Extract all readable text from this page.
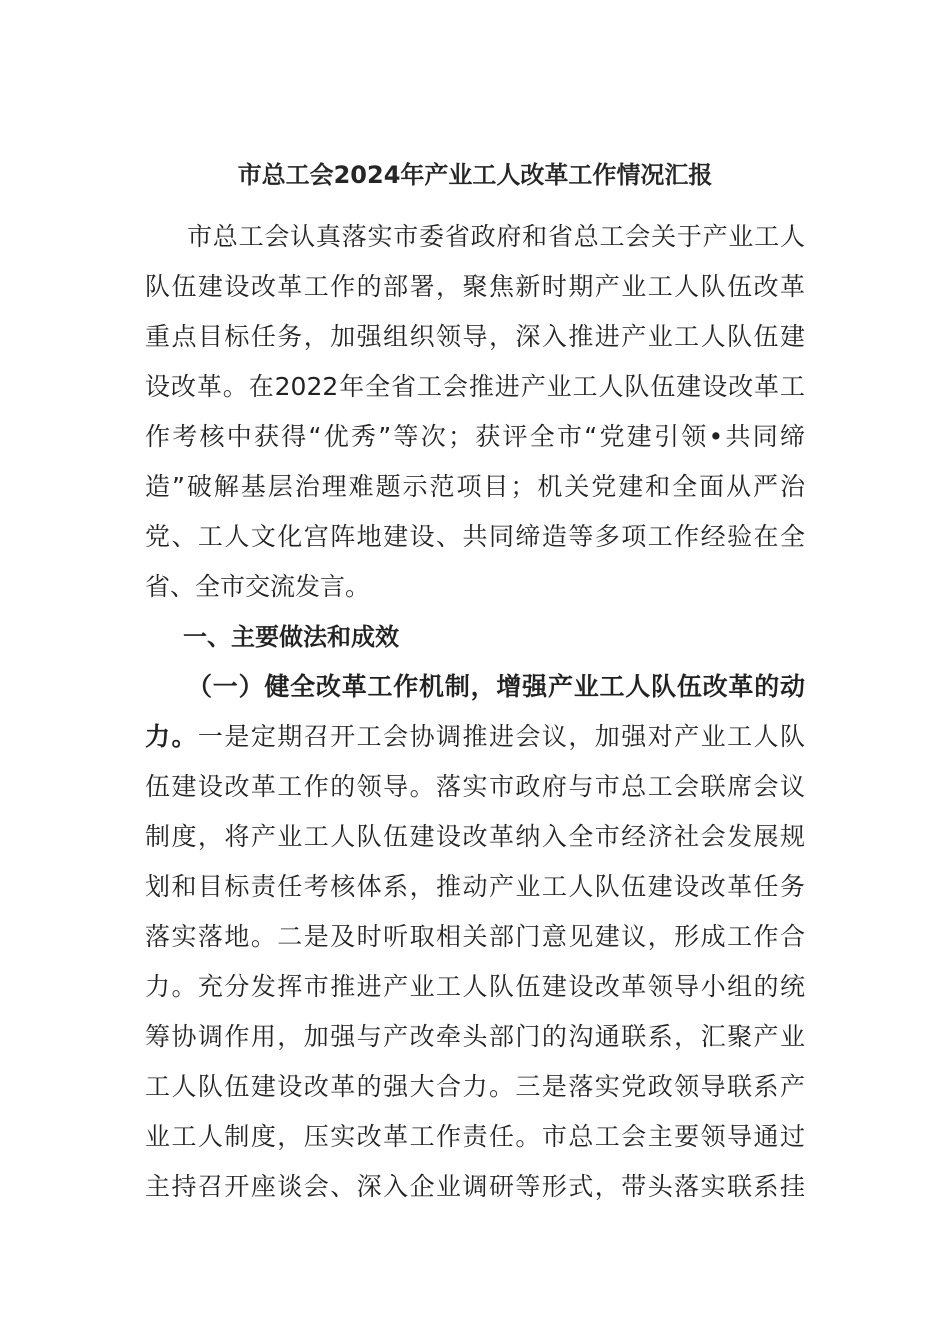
市总工会2024年产业工人改革工作情况汇报
市总工会认真落实市委省政府和省总工会关于产业工人
队伍建设改革工作的部署，聚焦新时期产业工人队伍改革
重点目标任务，加强组织领导，深入推进产业工人队伍建
设改革。在2022年全省工会推进产业工人队伍建设改革工
作考核中获得“优秀”等次；获评全市“党建引领•共同缔
造”破解基层治理难题示范项目；机关党建和全面从严治
党、工人文化宫阵地建设、共同缔造等多项工作经验在全
省、全市交流发言。
一、主要做法和成效
（一）健全改革工作机制，增强产业工人队伍改革的动
力。一是定期召开工会协调推进会议，加强对产业工人队
伍建设改革工作的领导。落实市政府与市总工会联席会议
制度，将产业工人队伍建设改革纳入全市经济社会发展规
划和目标责任考核体系，推动产业工人队伍建设改革任务
落实落地。二是及时听取相关部门意见建议，形成工作合
力。充分发挥市推进产业工人队伍建设改革领导小组的统
筹协调作用，加强与产改牵头部门的沟通联系，汇聚产业
工人队伍建设改革的强大合力。三是落实党政领导联系产
业工人制度，压实改革工作责任。市总工会主要领导通过
主持召开座谈会、深入企业调研等形式，带头落实联系挂
